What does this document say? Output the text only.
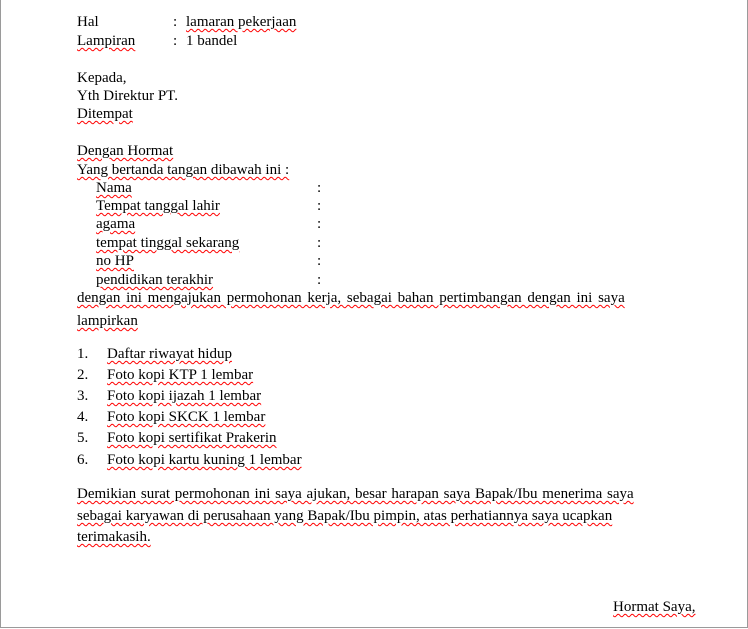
Hal	: lamaran pekerjaan
Lampiran	: 1 bandel
Kepada,
Yth Direktur PT.
Ditempat
Dengan Hormat
Yang bertanda tangan dibawah ini :
Nama	:
Tempat tanggal lahir	:
agama	:
tempat tinggal sekarang	:
no HP	:
pendidikan terakhir	:
dengan ini mengajukan permohonan kerja, sebagai bahan pertimbangan dengan ini saya
lampirkan
1. Daftar riwayat hidup
2. Foto kopi KTP 1 lembar
3. Foto kopi ijazah 1 lembar
4. Foto kopi SKCK 1 lembar
5. Foto kopi sertifikat Prakerin
6. Foto kopi kartu kuning 1 lembar
Demikian surat permohonan ini saya ajukan, besar harapan saya Bapak/Ibu menerima saya
sebagai karyawan di perusahaan yang Bapak/Ibu pimpin, atas perhatiannya saya ucapkan
terimakasih.
Hormat Saya,
